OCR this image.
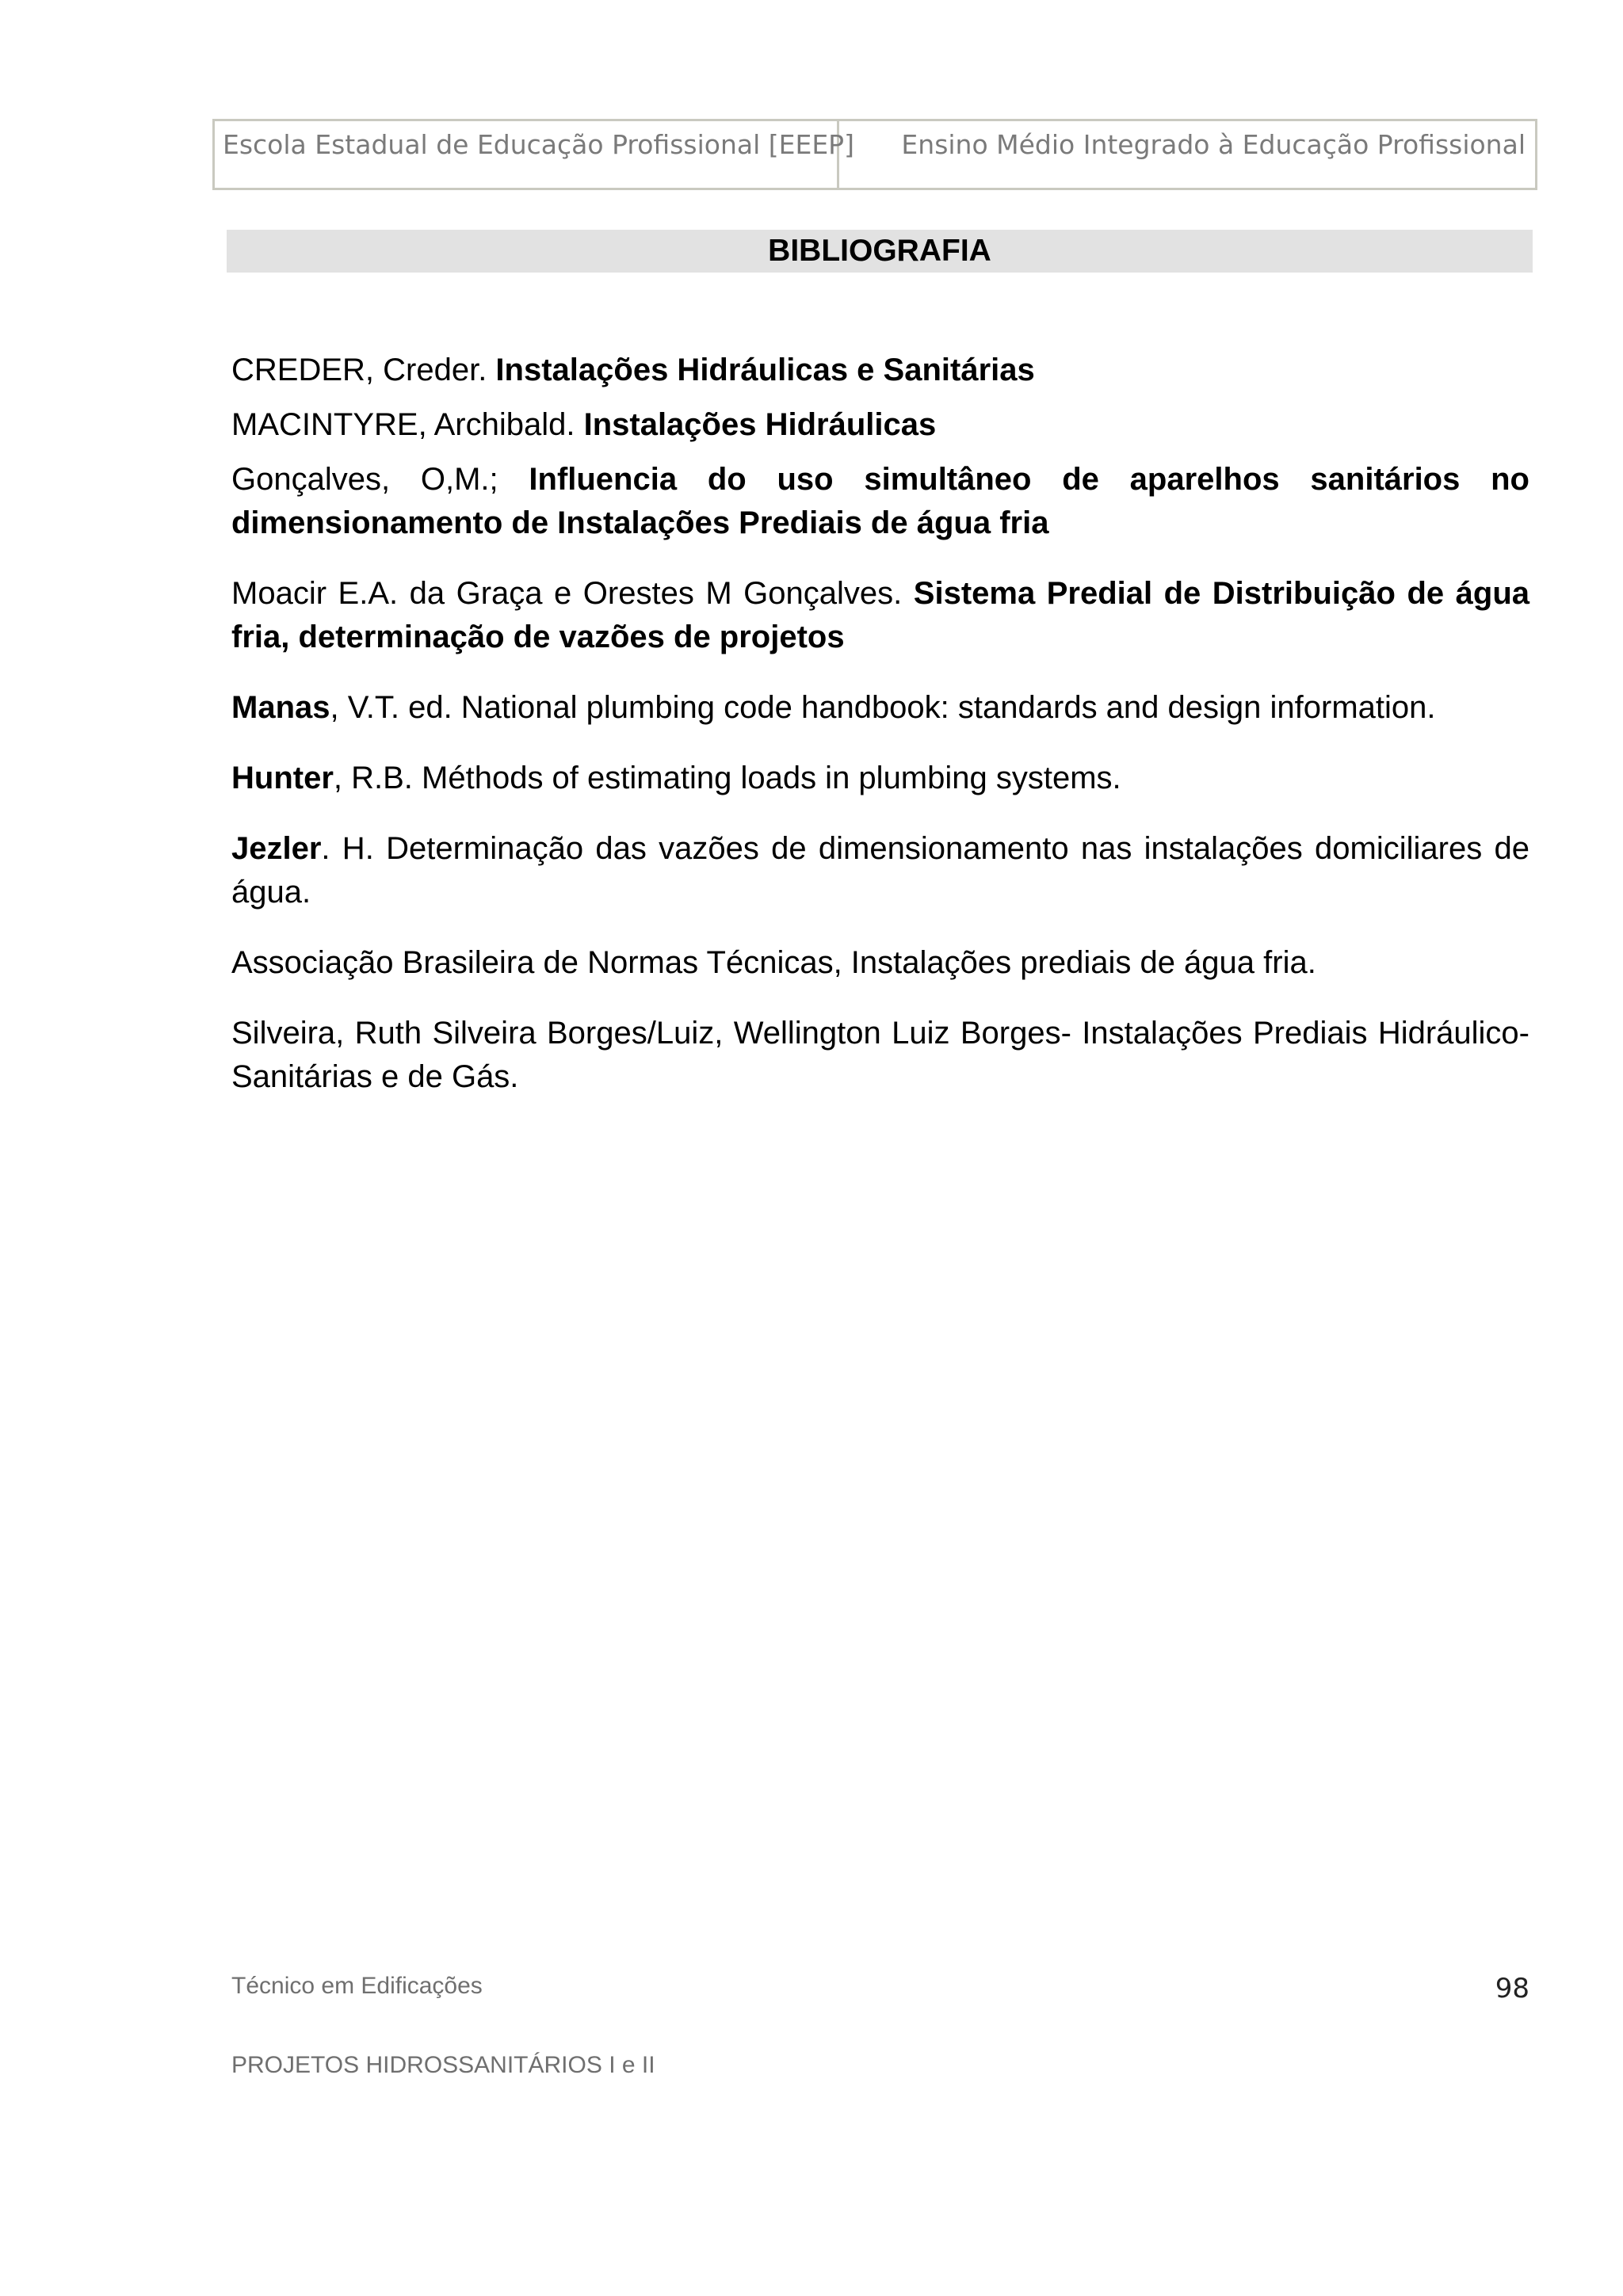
Escola Estadual de Educação Profissional [EEEP]	Ensino Médio Integrado à Educação Profissional
BIBLIOGRAFIA

CREDER, Creder. Instalações Hidráulicas e Sanitárias

MACINTYRE, Archibald. Instalações Hidráulicas

Gonçalves, O,M.; Influencia do uso simultâneo de aparelhos sanitários no dimensionamento de Instalações Prediais de água fria

Moacir E.A. da Graça e Orestes M Gonçalves. Sistema Predial de Distribuição de água fria, determinação de vazões de projetos

Manas, V.T. ed. National plumbing code handbook: standards and design information.

Hunter, R.B. Méthods of estimating loads in plumbing systems.

Jezler. H. Determinação das vazões de dimensionamento nas instalações domiciliares de água.

Associação Brasileira de Normas Técnicas, Instalações prediais de água fria.

Silveira, Ruth Silveira Borges/Luiz, Wellington Luiz Borges- Instalações Prediais Hidráulico-Sanitárias e de Gás.

Técnico em Edificações	98
PROJETOS HIDROSSANITÁRIOS I e II
